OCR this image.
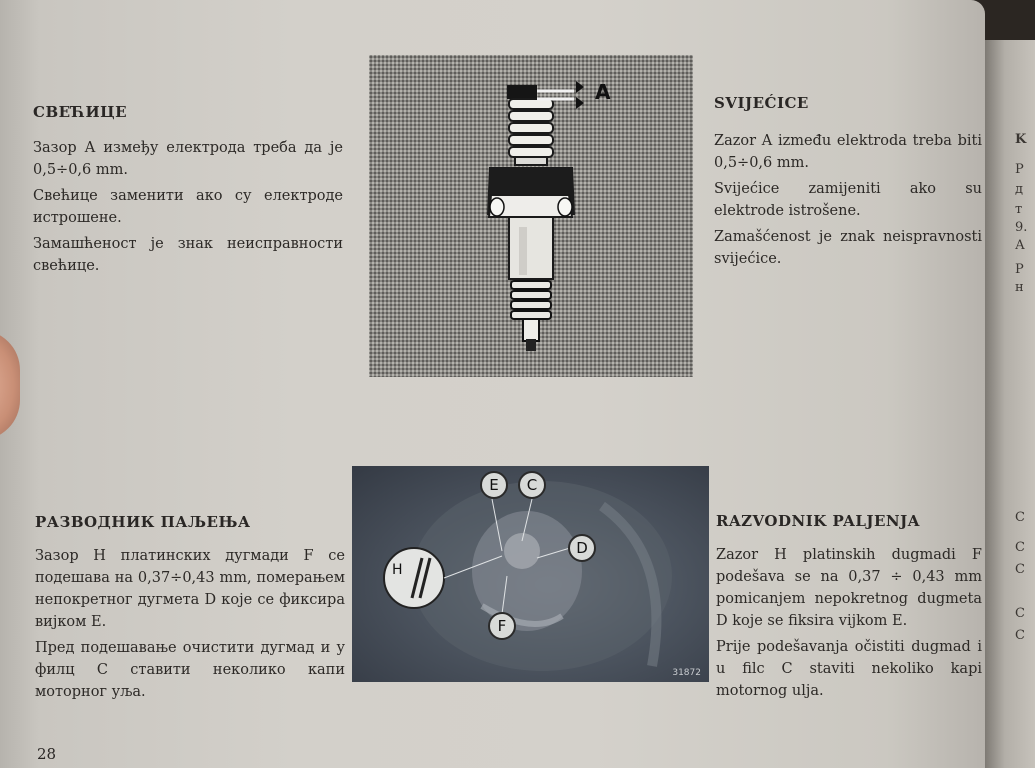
СВЕЋИЦЕ

Зазор А између електрода треба да је 0,5÷0,6 mm.

Свећице заменити ако су електроде истрошене.

Замашћеност је знак неисправности свећице.

A	SVIJEĆICE

Zazor A između elektroda treba biti 0,5÷0,6 mm.

Svijećice zamijeniti ako su elektrode istrošene.

Zamašćenost je znak neispravnosti svijećice.

РАЗВОДНИК ПАЉЕЊА

Зазор Н платинских дугмади F се подешава на 0,37÷0,43 mm, померањем непокретног дугмета D које се фиксира вијком Е.

Пред подешавање очистити дугмад и у филц С ставити неколико капи моторног уља.

E	C
D
F
H
31872
RAZVODNIK PALJENJA

Zazor H platinskih dugmadi F podešava se na 0,37 ÷ 0,43 mm pomicanjem nepokretnog dugmeta D koje se fiksira vijkom E.

Prije podešavanja očistiti dugmad i u filc C staviti nekoliko kapi motornog ulja.

28
K
P
д
т
9.
А
P
н
C
C
C
C
C
